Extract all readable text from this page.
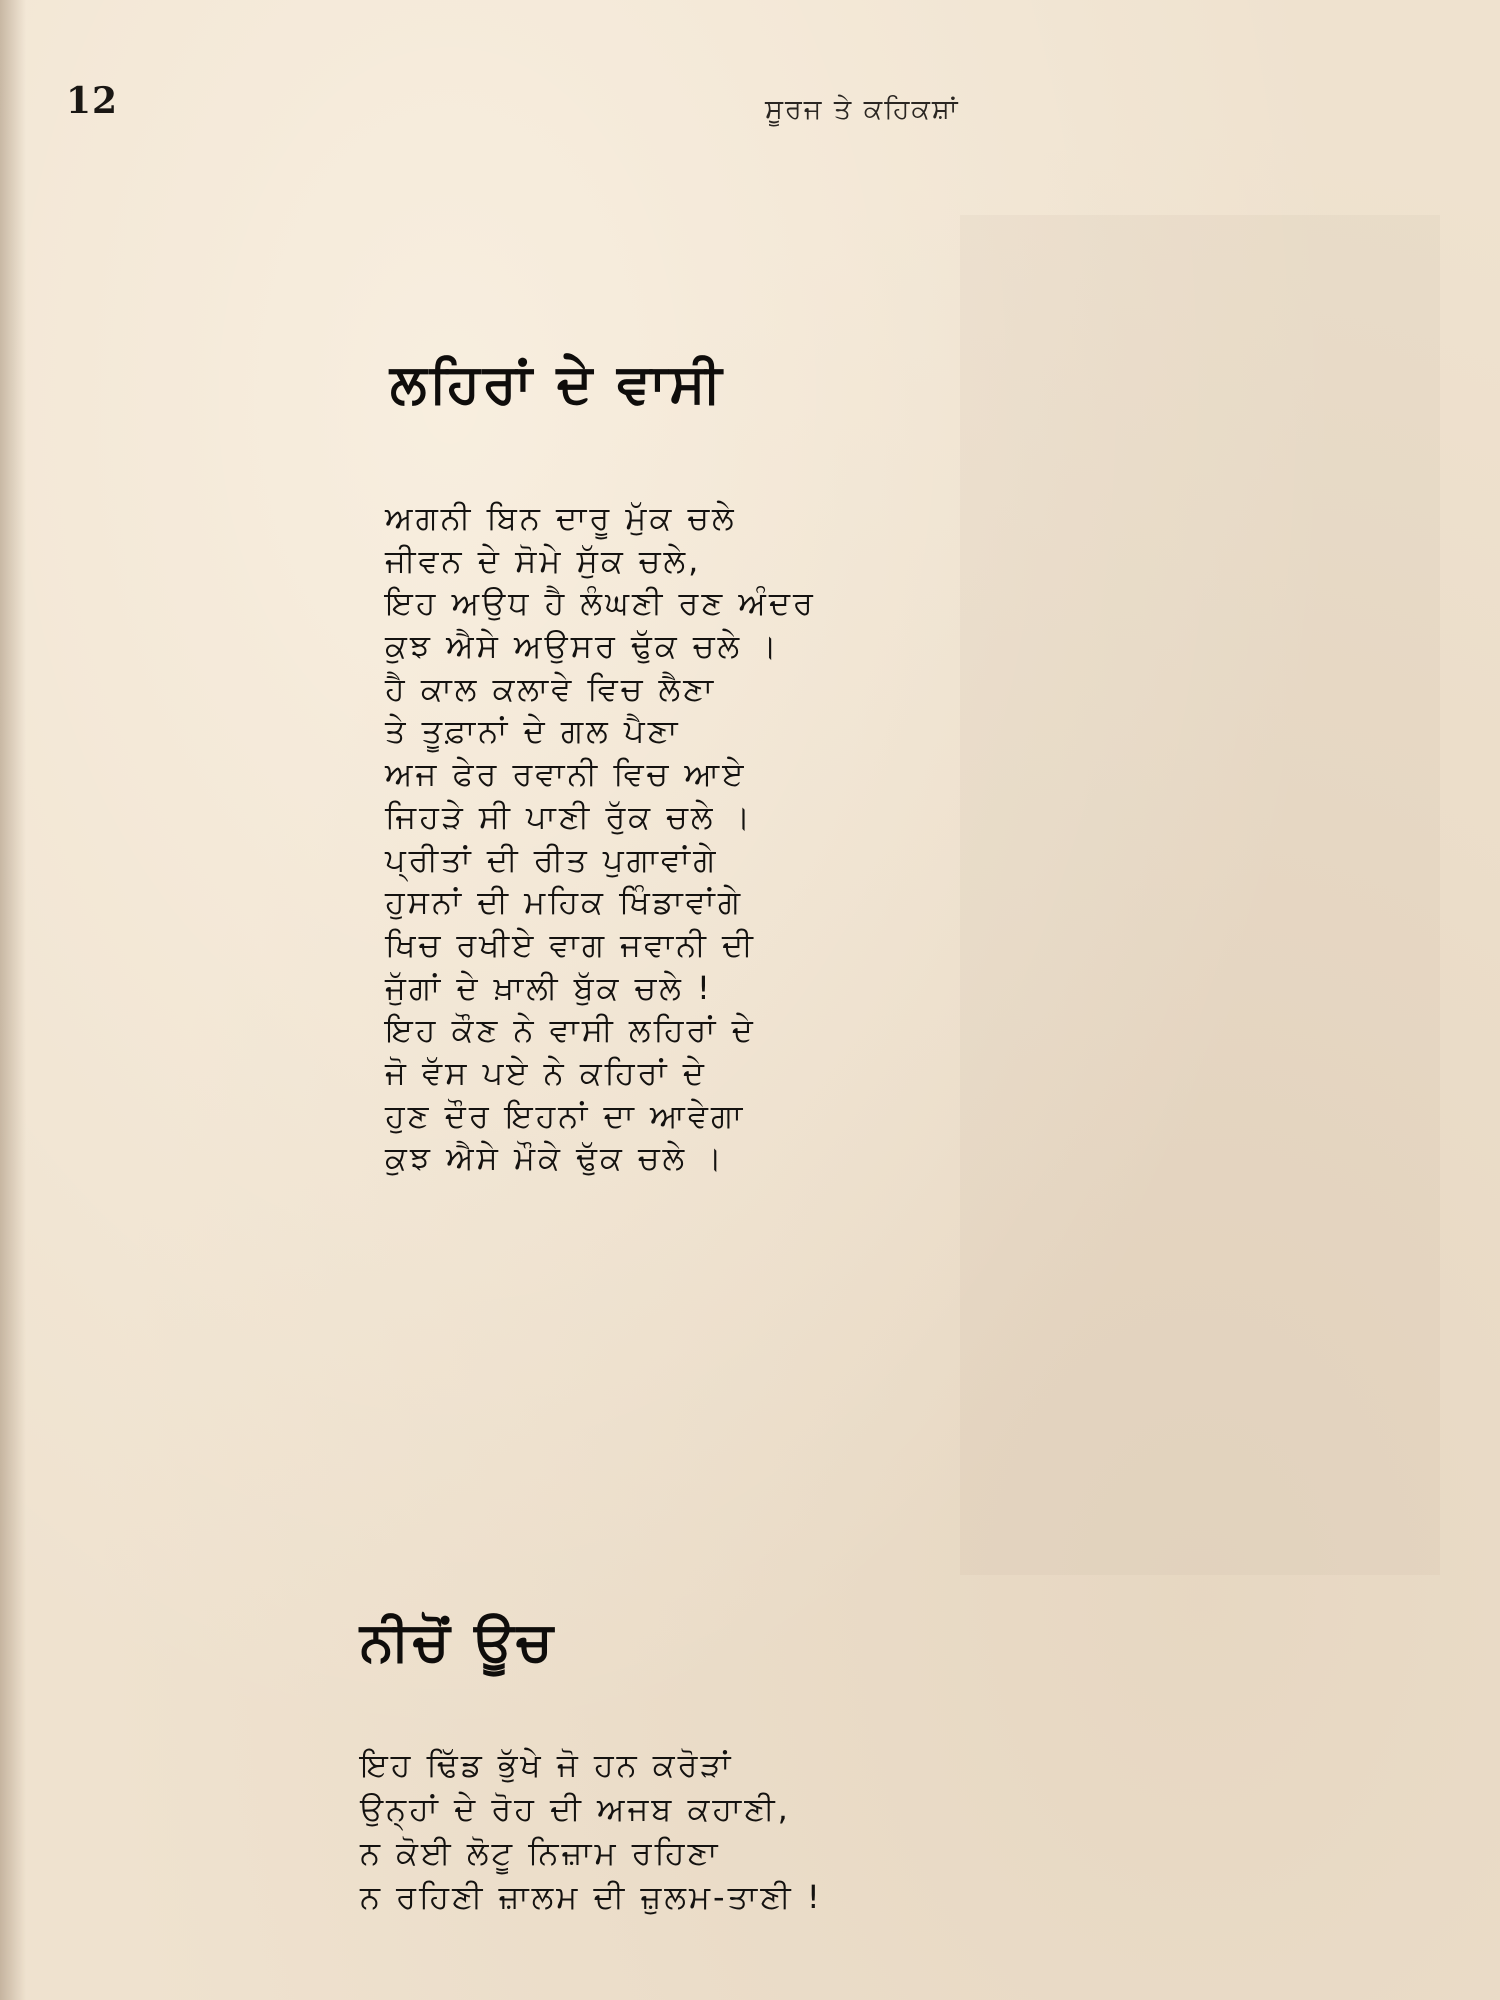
12	ਸੂਰਜ ਤੇ ਕਹਿਕਸ਼ਾਂ
ਲਹਿਰਾਂ ਦੇ ਵਾਸੀ
ਅਗਨੀ ਬਿਨ ਦਾਰੂ ਮੁੱਕ ਚਲੇ
ਜੀਵਨ ਦੇ ਸੋਮੇ ਸੁੱਕ ਚਲੇ,
ਇਹ ਅਉਧ ਹੈ ਲੰਘਣੀ ਰਣ ਅੰਦਰ
ਕੁਝ ਐਸੇ ਅਉਸਰ ਢੁੱਕ ਚਲੇ ।
ਹੈ ਕਾਲ ਕਲਾਵੇ ਵਿਚ ਲੈਣਾ
ਤੇ ਤੂਫ਼ਾਨਾਂ ਦੇ ਗਲ ਪੈਣਾ
ਅਜ ਫੇਰ ਰਵਾਨੀ ਵਿਚ ਆਏ
ਜਿਹੜੇ ਸੀ ਪਾਣੀ ਰੁੱਕ ਚਲੇ ।
ਪ੍ਰੀਤਾਂ ਦੀ ਰੀਤ ਪੁਗਾਵਾਂਗੇ
ਹੁਸਨਾਂ ਦੀ ਮਹਿਕ ਖਿੰਡਾਵਾਂਗੇ
ਖਿਚ ਰਖੀਏ ਵਾਗ ਜਵਾਨੀ ਦੀ
ਜੁੱਗਾਂ ਦੇ ਖ਼ਾਲੀ ਬੁੱਕ ਚਲੇ !
ਇਹ ਕੌਣ ਨੇ ਵਾਸੀ ਲਹਿਰਾਂ ਦੇ
ਜੋ ਵੱਸ ਪਏ ਨੇ ਕਹਿਰਾਂ ਦੇ
ਹੁਣ ਦੌਰ ਇਹਨਾਂ ਦਾ ਆਵੇਗਾ
ਕੁਝ ਐਸੇ ਮੌਕੇ ਢੁੱਕ ਚਲੇ ।
ਨੀਚੋਂ ਊਚ
ਇਹ ਢਿੱਡ ਭੁੱਖੇ ਜੋ ਹਨ ਕਰੋੜਾਂ
ਉਨ੍ਹਾਂ ਦੇ ਰੋਹ ਦੀ ਅਜਬ ਕਹਾਣੀ,
ਨ ਕੋਈ ਲੋਟੂ ਨਿਜ਼ਾਮ ਰਹਿਣਾ
ਨ ਰਹਿਣੀ ਜ਼ਾਲਮ ਦੀ ਜ਼ੁਲਮ-ਤਾਣੀ !
